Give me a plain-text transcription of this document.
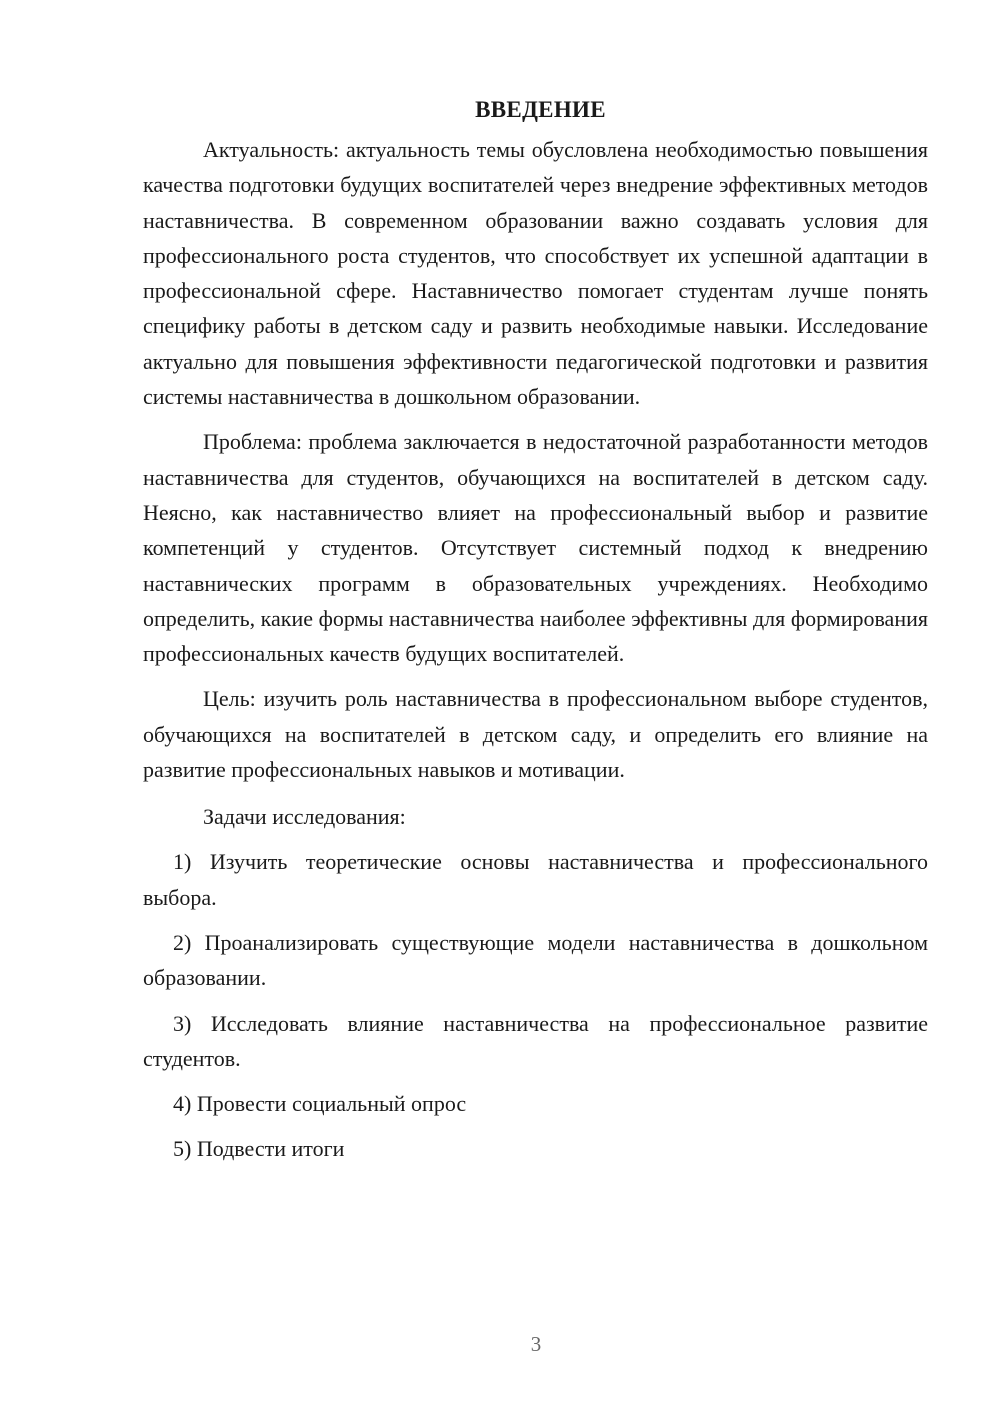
ВВЕДЕНИЕ

Актуальность: актуальность темы обусловлена необходимостью повышения качества подготовки будущих воспитателей через внедрение эффективных методов наставничества. В современном образовании важно создавать условия для профессионального роста студентов, что способствует их успешной адаптации в профессиональной сфере. Наставничество помогает студентам лучше понять специфику работы в детском саду и развить необходимые навыки. Исследование актуально для повышения эффективности педагогической подготовки и развития системы наставничества в дошкольном образовании.

Проблема: проблема заключается в недостаточной разработанности методов наставничества для студентов, обучающихся на воспитателей в детском саду. Неясно, как наставничество влияет на профессиональный выбор и развитие компетенций у студентов. Отсутствует системный подход к внедрению наставнических программ в образовательных учреждениях. Необходимо определить, какие формы наставничества наиболее эффективны для формирования профессиональных качеств будущих воспитателей.

Цель: изучить роль наставничества в профессиональном выборе студентов, обучающихся на воспитателей в детском саду, и определить его влияние на развитие профессиональных навыков и мотивации.

Задачи исследования:

1) Изучить теоретические основы наставничества и профессионального выбора.

2) Проанализировать существующие модели наставничества в дошкольном образовании.

3) Исследовать влияние наставничества на профессиональное развитие студентов.

4) Провести социальный опрос

5) Подвести итоги

3
